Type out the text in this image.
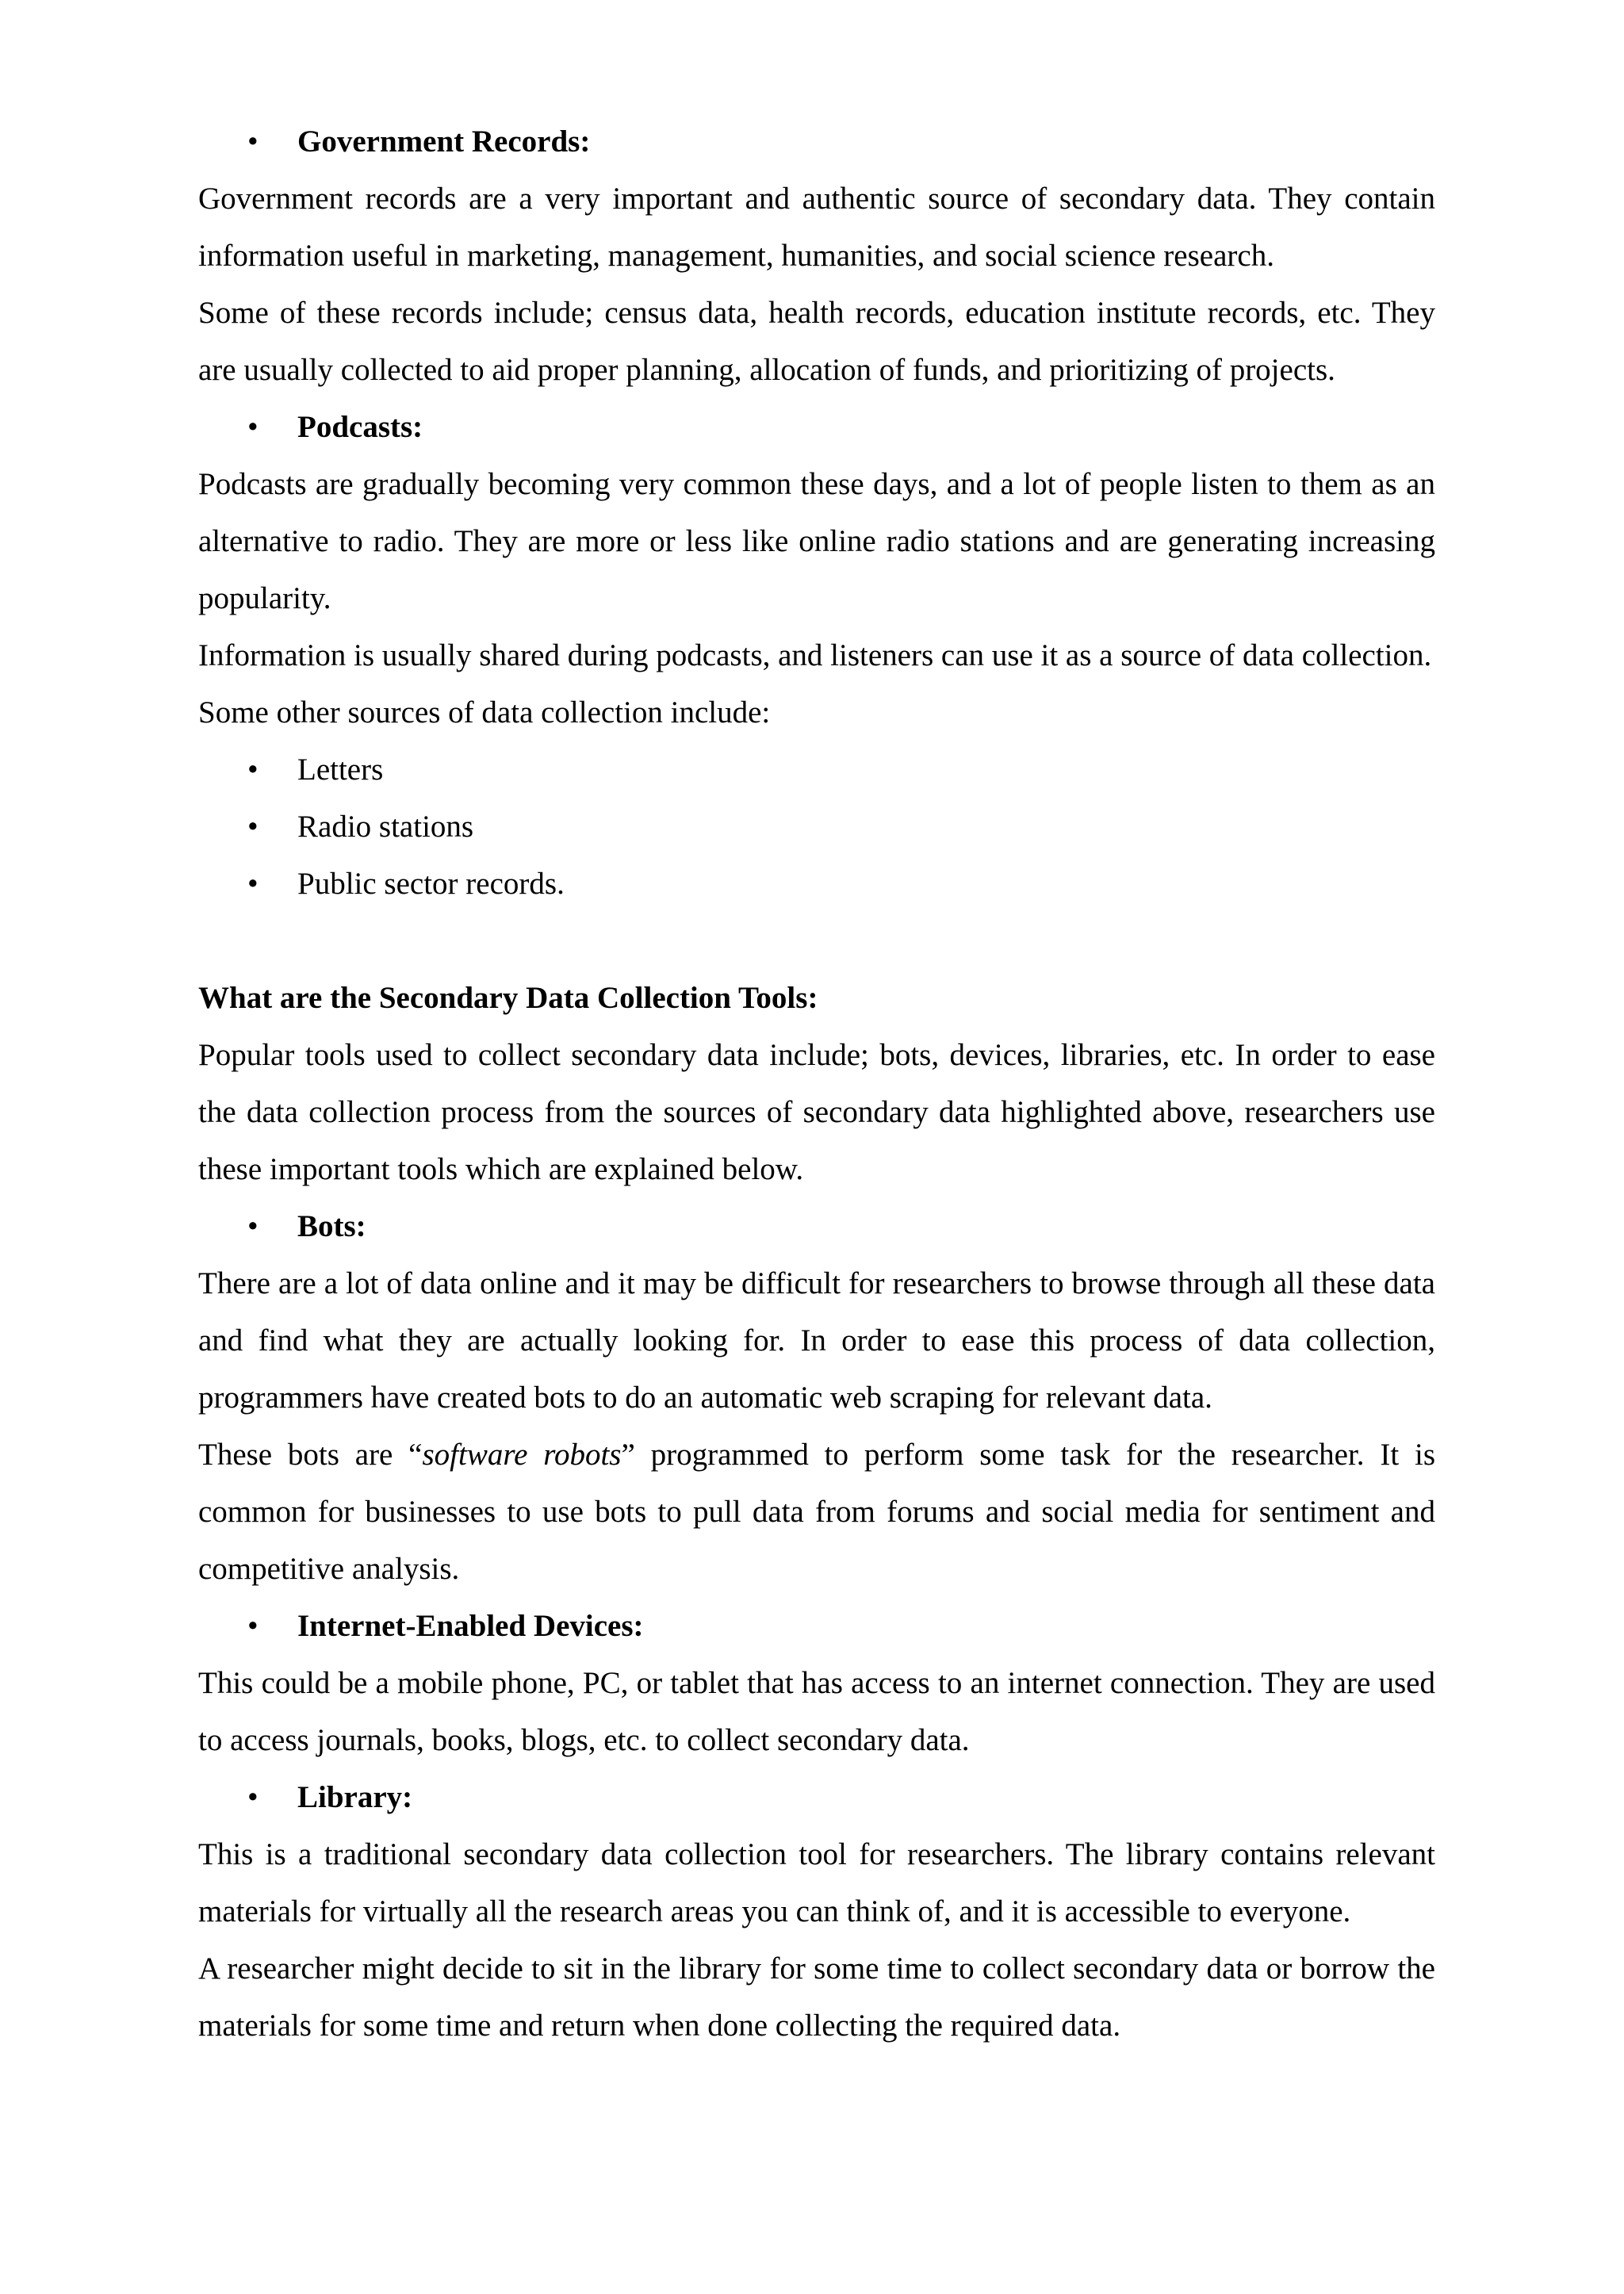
• Government Records:

Government records are a very important and authentic source of secondary data. They contain information useful in marketing, management, humanities, and social science research.

Some of these records include; census data, health records, education institute records, etc. They are usually collected to aid proper planning, allocation of funds, and prioritizing of projects.

• Podcasts:

Podcasts are gradually becoming very common these days, and a lot of people listen to them as an alternative to radio. They are more or less like online radio stations and are generating increasing popularity.

Information is usually shared during podcasts, and listeners can use it as a source of data collection.

Some other sources of data collection include:

• Letters
• Radio stations
• Public sector records.

What are the Secondary Data Collection Tools:

Popular tools used to collect secondary data include; bots, devices, libraries, etc. In order to ease the data collection process from the sources of secondary data highlighted above, researchers use these important tools which are explained below.

• Bots:

There are a lot of data online and it may be difficult for researchers to browse through all these data and find what they are actually looking for. In order to ease this process of data collection, programmers have created bots to do an automatic web scraping for relevant data.

These bots are “software robots” programmed to perform some task for the researcher. It is common for businesses to use bots to pull data from forums and social media for sentiment and competitive analysis.

• Internet-Enabled Devices:

This could be a mobile phone, PC, or tablet that has access to an internet connection. They are used to access journals, books, blogs, etc. to collect secondary data.

• Library:

This is a traditional secondary data collection tool for researchers. The library contains relevant materials for virtually all the research areas you can think of, and it is accessible to everyone.

A researcher might decide to sit in the library for some time to collect secondary data or borrow the materials for some time and return when done collecting the required data.
